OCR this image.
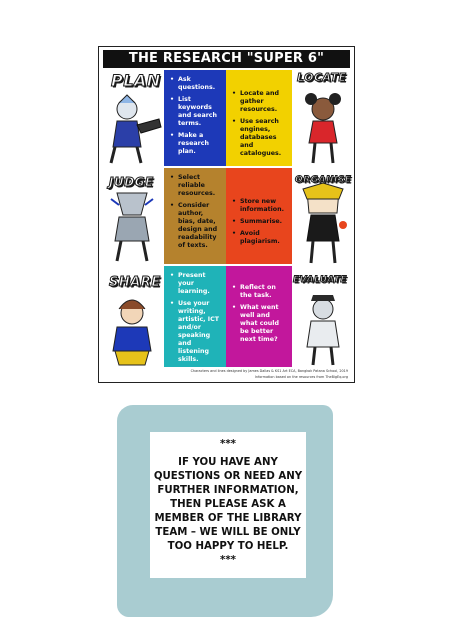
THE RESEARCH "SUPER 6"
PLAN	• Ask questions.
• List keywords and search terms.
• Make a research plan.
• Locate and gather resources.
• Use search engines, databases and catalogues.
LOCATE
JUDGE	• Select reliable resources.
• Consider author, bias, date, design and readability of texts.
• Store new information.
• Summarise.
• Avoid plagiarism.
ORGANISE
SHARE	• Present your learning.
• Use your writing, artistic, ICT and/or speaking and listening skills.
• Reflect on the task.
• What went well and what could be better next time?
EVALUATE
Characters and lines designed by James Dallas & KS1 Art ECA, Bangkok Patana School, 2019
Information based on the resources from TheBigEq.org

***

IF YOU HAVE ANY QUESTIONS OR NEED ANY FURTHER INFORMATION, THEN PLEASE ASK A MEMBER OF THE LIBRARY TEAM – WE WILL BE ONLY TOO HAPPY TO HELP.

***
